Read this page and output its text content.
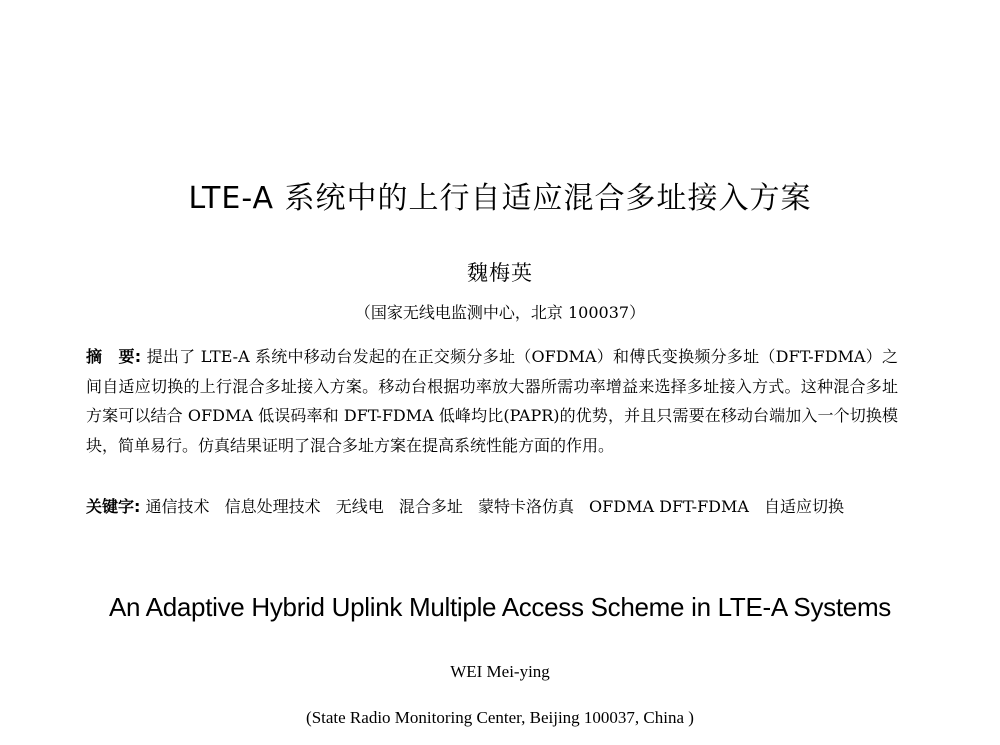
LTE-A 系统中的上行自适应混合多址接入方案
魏梅英
（国家无线电监测中心，北京 100037）
摘　要: 提出了 LTE-A 系统中移动台发起的在正交频分多址（OFDMA）和傅氏变换频分多址（DFT-FDMA）之间自适应切换的上行混合多址接入方案。移动台根据功率放大器所需功率增益来选择多址接入方式。这种混合多址方案可以结合 OFDMA 低误码率和 DFT-FDMA 低峰均比(PAPR)的优势，并且只需要在移动台端加入一个切换模块，简单易行。仿真结果证明了混合多址方案在提高系统性能方面的作用。
关键字: 通信技术 信息处理技术 无线电 混合多址 蒙特卡洛仿真 OFDMA DFT-FDMA 自适应切换
An Adaptive Hybrid Uplink Multiple Access Scheme in LTE-A Systems
WEI Mei-ying
(State Radio Monitoring Center, Beijing 100037, China )
